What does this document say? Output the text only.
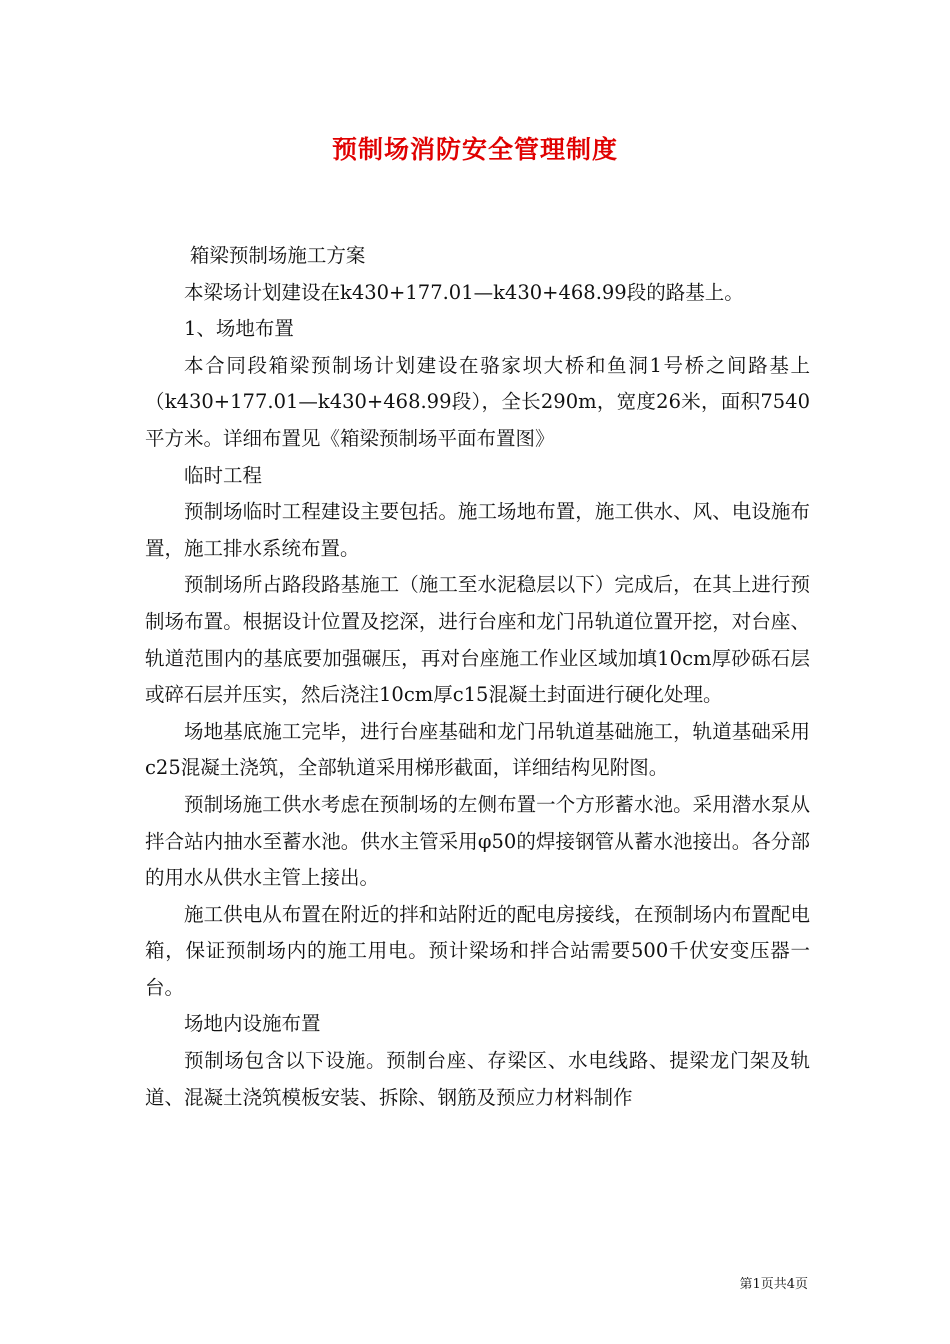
预制场消防安全管理制度

箱梁预制场施工方案

本梁场计划建设在k430+177.01—k430+468.99段的路基上。

1、场地布置

本合同段箱梁预制场计划建设在骆家坝大桥和鱼洞1号桥之间路基上（k430+177.01—k430+468.99段），全长290m，宽度26米，面积7540平方米。详细布置见《箱梁预制场平面布置图》

临时工程

预制场临时工程建设主要包括。施工场地布置，施工供水、风、电设施布置，施工排水系统布置。

预制场所占路段路基施工（施工至水泥稳层以下）完成后，在其上进行预制场布置。根据设计位置及挖深，进行台座和龙门吊轨道位置开挖，对台座、轨道范围内的基底要加强碾压，再对台座施工作业区域加填10cm厚砂砾石层或碎石层并压实，然后浇注10cm厚c15混凝土封面进行硬化处理。

场地基底施工完毕，进行台座基础和龙门吊轨道基础施工，轨道基础采用c25混凝土浇筑，全部轨道采用梯形截面，详细结构见附图。

预制场施工供水考虑在预制场的左侧布置一个方形蓄水池。采用潜水泵从拌合站内抽水至蓄水池。供水主管采用φ50的焊接钢管从蓄水池接出。各分部的用水从供水主管上接出。

施工供电从布置在附近的拌和站附近的配电房接线，在预制场内布置配电箱，保证预制场内的施工用电。预计梁场和拌合站需要500千伏安变压器一台。

场地内设施布置

预制场包含以下设施。预制台座、存梁区、水电线路、提梁龙门架及轨道、混凝土浇筑模板安装、拆除、钢筋及预应力材料制作

第1页共4页
